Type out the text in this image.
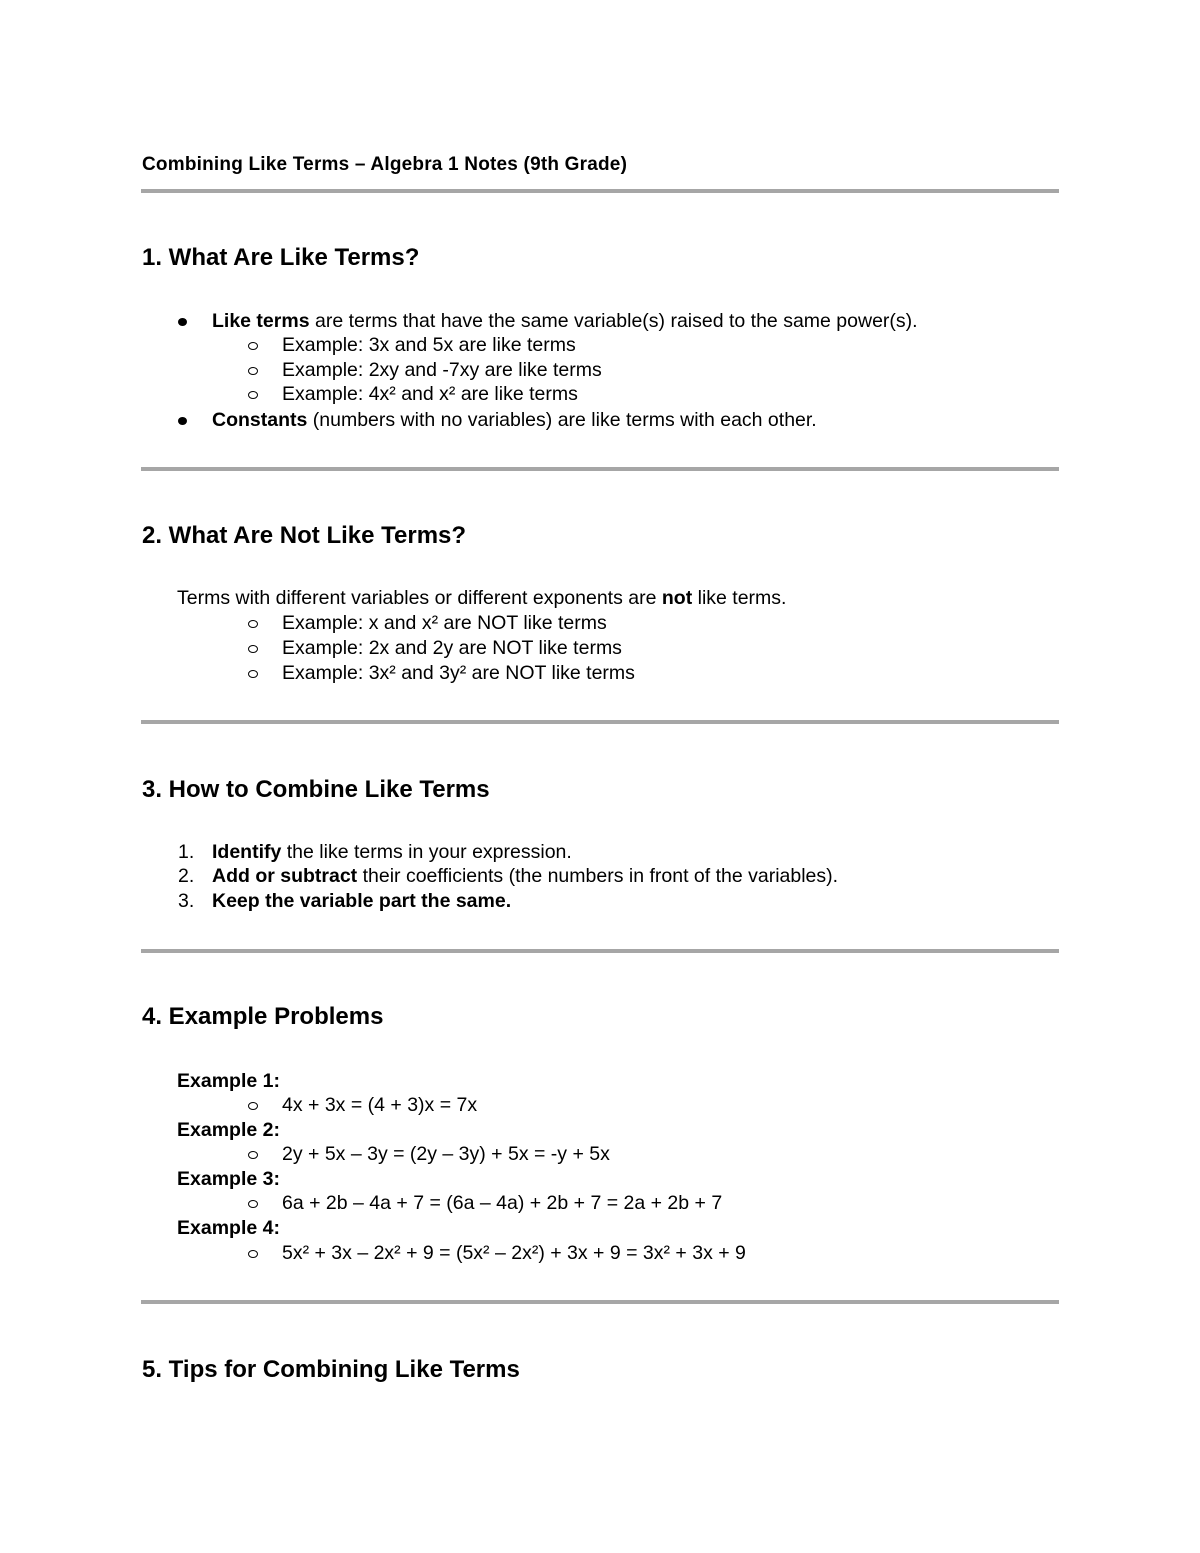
Combining Like Terms – Algebra 1 Notes (9th Grade)
1. What Are Like Terms?
Like terms are terms that have the same variable(s) raised to the same power(s).
Example: 3x and 5x are like terms
Example: 2xy and -7xy are like terms
Example: 4x² and x² are like terms
Constants (numbers with no variables) are like terms with each other.
2. What Are Not Like Terms?
Terms with different variables or different exponents are not like terms.
Example: x and x² are NOT like terms
Example: 2x and 2y are NOT like terms
Example: 3x² and 3y² are NOT like terms
3. How to Combine Like Terms
1. Identify the like terms in your expression.
2. Add or subtract their coefficients (the numbers in front of the variables).
3. Keep the variable part the same.
4. Example Problems
Example 1:
4x + 3x = (4 + 3)x = 7x
Example 2:
2y + 5x – 3y = (2y – 3y) + 5x = -y + 5x
Example 3:
6a + 2b – 4a + 7 = (6a – 4a) + 2b + 7 = 2a + 2b + 7
Example 4:
5x² + 3x – 2x² + 9 = (5x² – 2x²) + 3x + 9 = 3x² + 3x + 9
5. Tips for Combining Like Terms
